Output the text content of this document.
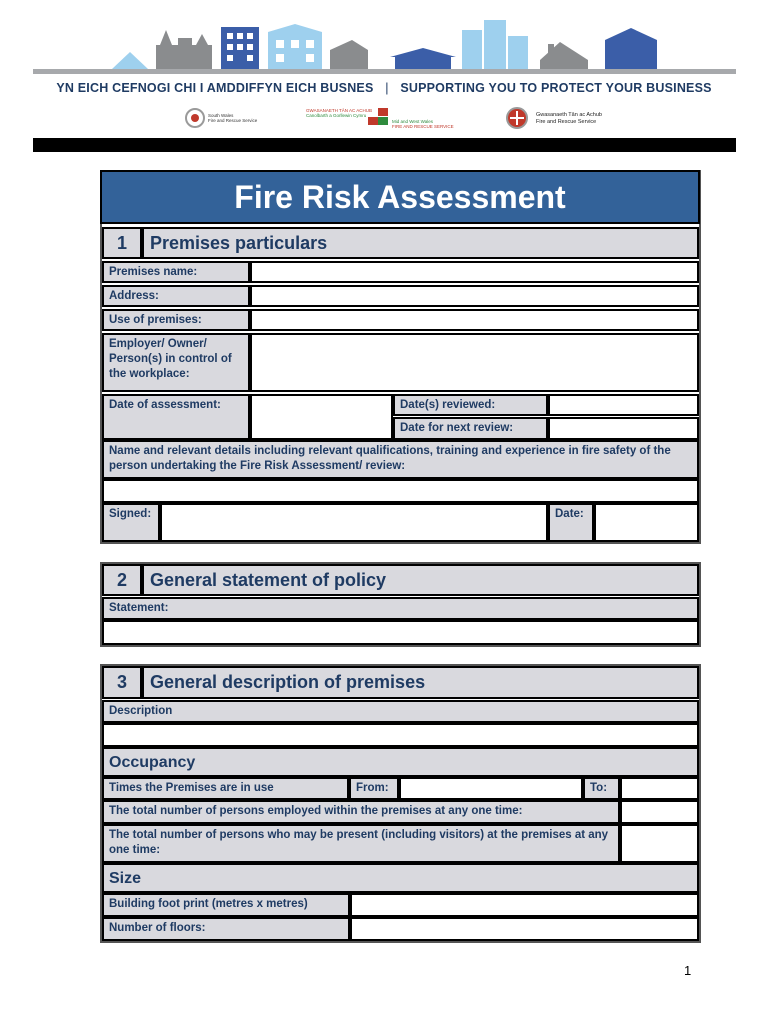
YN EICH CEFNOGI CHI I AMDDIFFYN EICH BUSNES | SUPPORTING YOU TO PROTECT YOUR BUSINESS
South Wales
Fire and Rescue Service
GWASANAETH TÂN AC ACHUB
Canolbarth a Gorllewin Cymru
Mid and West Wales
FIRE AND RESCUE SERVICE
Gwasanaeth Tân ac Achub
Fire and Rescue Service
Fire Risk Assessment
1	Premises particulars
Premises name:
Address:
Use of premises:
Employer/ Owner/ Person(s) in control of the workplace:
Date of assessment:	Date(s) reviewed:
Date for next review:
Name and relevant details including relevant qualifications, training and experience in fire safety of the person undertaking the Fire Risk Assessment/ review:
Signed:	Date:
2	General statement of policy
Statement:
3	General description of premises
Description
Occupancy
Times the Premises are in use	From:	To:
The total number of persons employed within the premises at any one time:
The total number of persons who may be present (including visitors) at the premises at any one time:
Size
Building foot print (metres x metres)
Number of floors:
1
